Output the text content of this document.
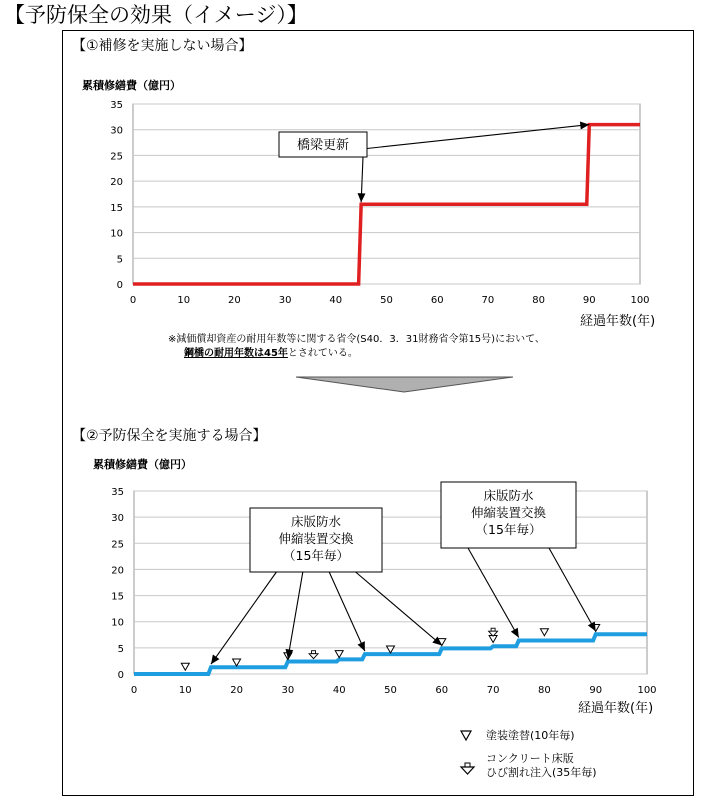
【予防保全の効果（イメージ）】
【①補修を実施しない場合】
累積修繕費（億円）
0
5
10
15
20
25
30
35
0	10	20	30	40	50	60	70	80	90	100
橋梁更新
経過年数(年)
※減価償却資産の耐用年数等に関する省令(S40．3．31財務省令第15号)において、
鋼橋の耐用年数は45年とされている。
【②予防保全を実施する場合】
累積修繕費（億円）
0
5
10
15
20
25
30
35
0	10	20	30	40	50	60	70	80	90	100
床版防水
伸縮装置交換
（15年毎）
床版防水
伸縮装置交換
（15年毎）
経過年数(年)
塗装塗替(10年毎)
コンクリート床版
ひび割れ注入(35年毎)
